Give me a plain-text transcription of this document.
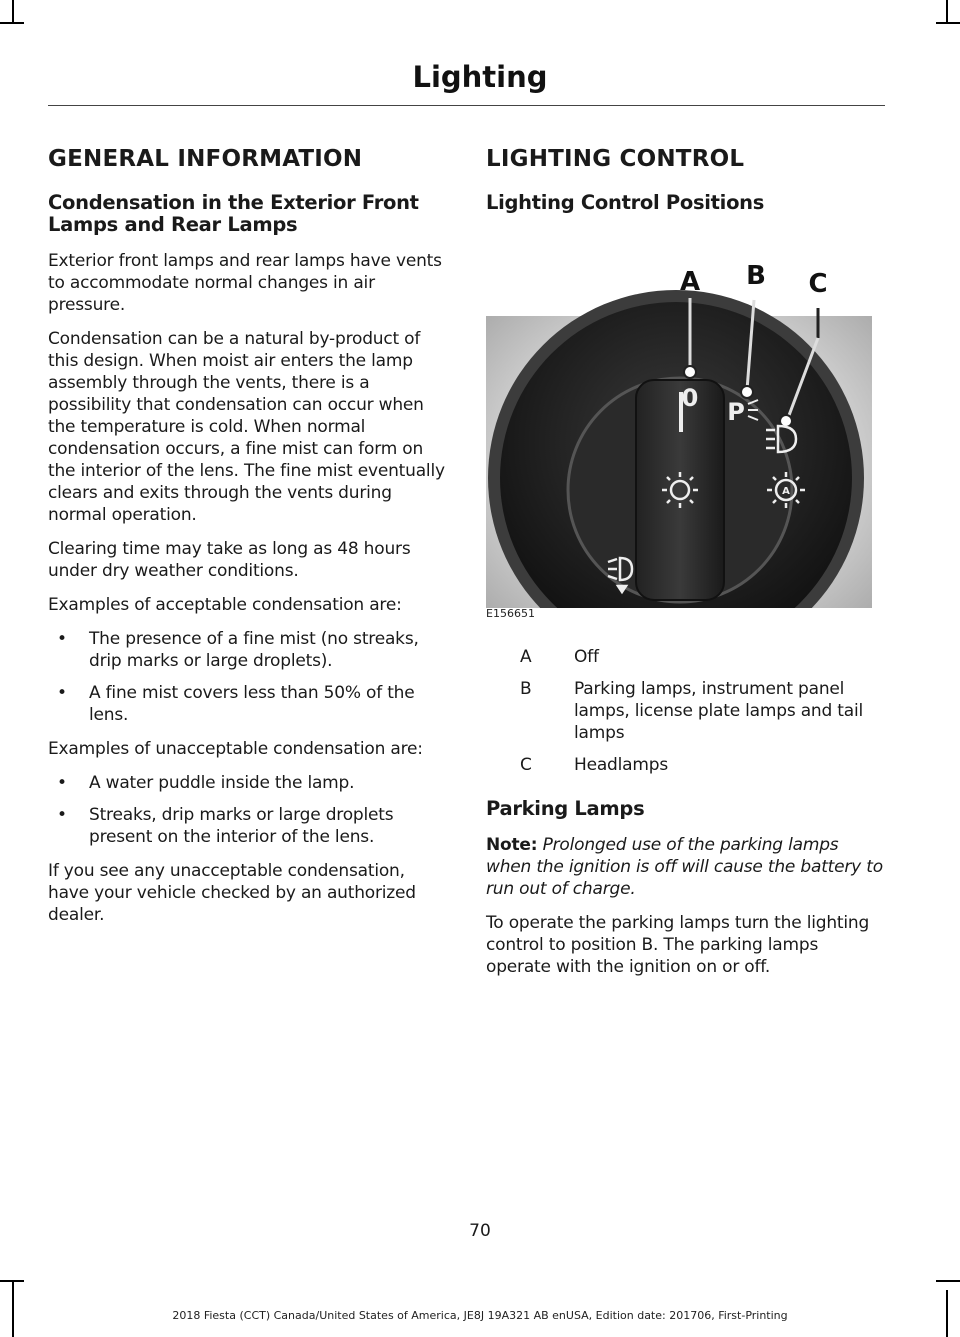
Lighting
GENERAL INFORMATION
Condensation in the Exterior Front Lamps and Rear Lamps

Exterior front lamps and rear lamps have vents to accommodate normal changes in air pressure.

Condensation can be a natural by-product of this design. When moist air enters the lamp assembly through the vents, there is a possibility that condensation can occur when the temperature is cold. When normal condensation occurs, a fine mist can form on the interior of the lens. The fine mist eventually clears and exits through the vents during normal operation.

Clearing time may take as long as 48 hours under dry weather conditions.

Examples of acceptable condensation are:

• The presence of a fine mist (no streaks, drip marks or large droplets).
• A fine mist covers less than 50% of the lens.

Examples of unacceptable condensation are:

• A water puddle inside the lamp.
• Streaks, drip marks or large droplets present on the interior of the lens.

If you see any unacceptable condensation, have your vehicle checked by an authorized dealer.

LIGHTING CONTROL
Lighting Control Positions
A B C
0 P
A
E156651
A	Off
B	Parking lamps, instrument panel lamps, license plate lamps and tail lamps
C	Headlamps
Parking Lamps

Note: Prolonged use of the parking lamps when the ignition is off will cause the battery to run out of charge.

To operate the parking lamps turn the lighting control to position B. The parking lamps operate with the ignition on or off.

70
2018 Fiesta (CCT) Canada/United States of America, JE8J 19A321 AB enUSA, Edition date: 201706, First-Printing
